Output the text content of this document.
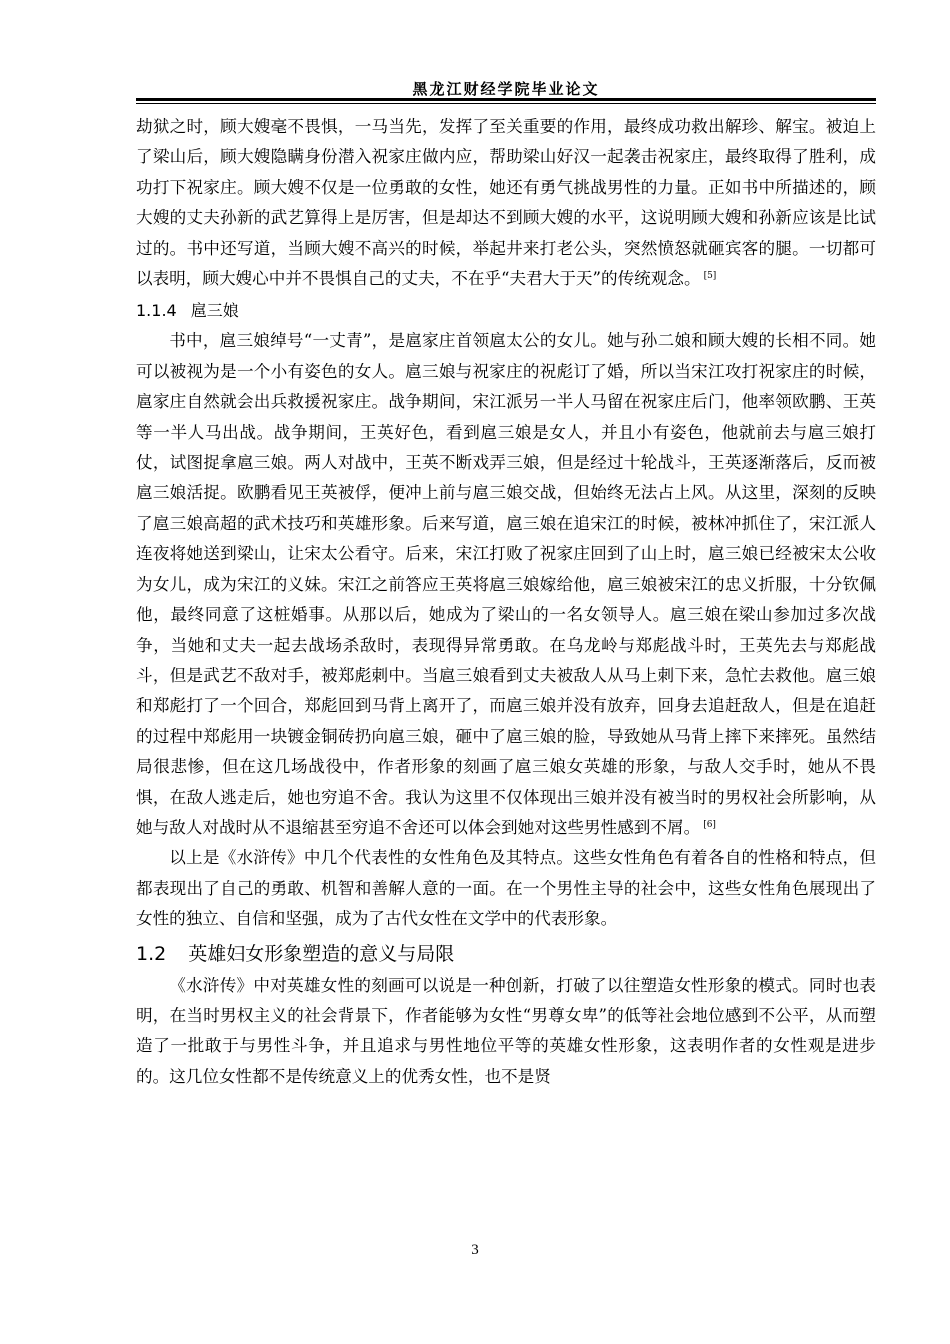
黑龙江财经学院毕业论文

劫狱之时，顾大嫂毫不畏惧，一马当先，发挥了至关重要的作用，最终成功救出解珍、解宝。被迫上了梁山后，顾大嫂隐瞒身份潜入祝家庄做内应，帮助梁山好汉一起袭击祝家庄，最终取得了胜利，成功打下祝家庄。顾大嫂不仅是一位勇敢的女性，她还有勇气挑战男性的力量。正如书中所描述的，顾大嫂的丈夫孙新的武艺算得上是厉害，但是却达不到顾大嫂的水平，这说明顾大嫂和孙新应该是比试过的。书中还写道，当顾大嫂不高兴的时候，举起井来打老公头，突然愤怒就砸宾客的腿。一切都可以表明，顾大嫂心中并不畏惧自己的丈夫，不在乎“夫君大于天”的传统观念。 [5]

1.1.4 扈三娘

书中，扈三娘绰号“一丈青”，是扈家庄首领扈太公的女儿。她与孙二娘和顾大嫂的长相不同。她可以被视为是一个小有姿色的女人。扈三娘与祝家庄的祝彪订了婚，所以当宋江攻打祝家庄的时候，扈家庄自然就会出兵救援祝家庄。战争期间，宋江派另一半人马留在祝家庄后门，他率领欧鹏、王英等一半人马出战。战争期间，王英好色，看到扈三娘是女人，并且小有姿色，他就前去与扈三娘打仗，试图捉拿扈三娘。两人对战中，王英不断戏弄三娘，但是经过十轮战斗，王英逐渐落后，反而被扈三娘活捉。欧鹏看见王英被俘，便冲上前与扈三娘交战，但始终无法占上风。从这里，深刻的反映了扈三娘高超的武术技巧和英雄形象。后来写道，扈三娘在追宋江的时候，被林冲抓住了，宋江派人连夜将她送到梁山，让宋太公看守。后来，宋江打败了祝家庄回到了山上时，扈三娘已经被宋太公收为女儿，成为宋江的义妹。宋江之前答应王英将扈三娘嫁给他，扈三娘被宋江的忠义折服，十分钦佩他，最终同意了这桩婚事。从那以后，她成为了梁山的一名女领导人。扈三娘在梁山参加过多次战争，当她和丈夫一起去战场杀敌时，表现得异常勇敢。在乌龙岭与郑彪战斗时，王英先去与郑彪战斗，但是武艺不敌对手，被郑彪刺中。当扈三娘看到丈夫被敌人从马上刺下来，急忙去救他。扈三娘和郑彪打了一个回合，郑彪回到马背上离开了，而扈三娘并没有放弃，回身去追赶敌人，但是在追赶的过程中郑彪用一块镀金铜砖扔向扈三娘，砸中了扈三娘的脸，导致她从马背上摔下来摔死。虽然结局很悲惨，但在这几场战役中，作者形象的刻画了扈三娘女英雄的形象，与敌人交手时，她从不畏惧，在敌人逃走后，她也穷追不舍。我认为这里不仅体现出三娘并没有被当时的男权社会所影响，从她与敌人对战时从不退缩甚至穷追不舍还可以体会到她对这些男性感到不屑。 [6]

以上是《水浒传》中几个代表性的女性角色及其特点。这些女性角色有着各自的性格和特点，但都表现出了自己的勇敢、机智和善解人意的一面。在一个男性主导的社会中，这些女性角色展现出了女性的独立、自信和坚强，成为了古代女性在文学中的代表形象。

1.2 英雄妇女形象塑造的意义与局限

《水浒传》中对英雄女性的刻画可以说是一种创新，打破了以往塑造女性形象的模式。同时也表明，在当时男权主义的社会背景下，作者能够为女性“男尊女卑”的低等社会地位感到不公平，从而塑造了一批敢于与男性斗争，并且追求与男性地位平等的英雄女性形象，这表明作者的女性观是进步的。这几位女性都不是传统意义上的优秀女性，也不是贤

3
